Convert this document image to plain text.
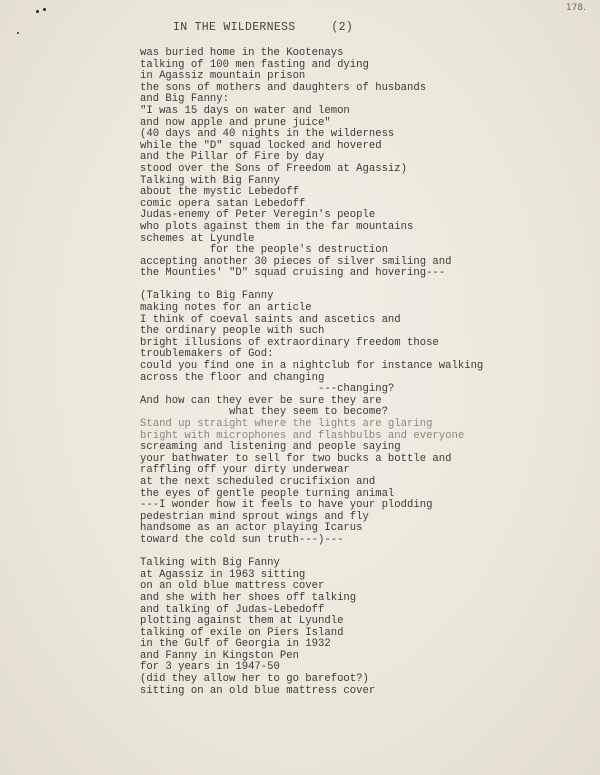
178.
IN THE WILDERNESS     (2)
was buried home in the Kootenays
talking of 100 men fasting and dying
in Agassiz mountain prison
the sons of mothers and daughters of husbands
and Big Fanny:
"I was 15 days on water and lemon
and now apple and prune juice"
(40 days and 40 nights in the wilderness
while the "D" squad locked and hovered
and the Pillar of Fire by day
stood over the Sons of Freedom at Agassiz)
Talking with Big Fanny
about the mystic Lebedoff
comic opera satan Lebedoff
Judas-enemy of Peter Veregin's people
who plots against them in the far mountains
schemes at Lyundle
for the people's destruction
accepting another 30 pieces of silver smiling and
the Mounties' "D" squad cruising and hovering---
(Talking to Big Fanny
making notes for an article
I think of coeval saints and ascetics and
the ordinary people with such
bright illusions of extraordinary freedom those
troublemakers of God:
could you find one in a nightclub for instance walking
across the floor and changing
---changing?
And how can they ever be sure they are
what they seem to become?
Stand up straight where the lights are glaring
bright with microphones and flashbulbs and everyone
screaming and listening and people saying
your bathwater to sell for two bucks a bottle and
raffling off your dirty underwear
at the next scheduled crucifixion and
the eyes of gentle people turning animal
---I wonder how it feels to have your plodding
pedestrian mind sprout wings and fly
handsome as an actor playing Icarus
toward the cold sun truth---)---
Talking with Big Fanny
at Agassiz in 1963 sitting
on an old blue mattress cover
and she with her shoes off talking
and talking of Judas-Lebedoff
plotting against them at Lyundle
talking of exile on Piers Island
in the Gulf of Georgia in 1932
and Fanny in Kingston Pen
for 3 years in 1947-50
(did they allow her to go barefoot?)
sitting on an old blue mattress cover
